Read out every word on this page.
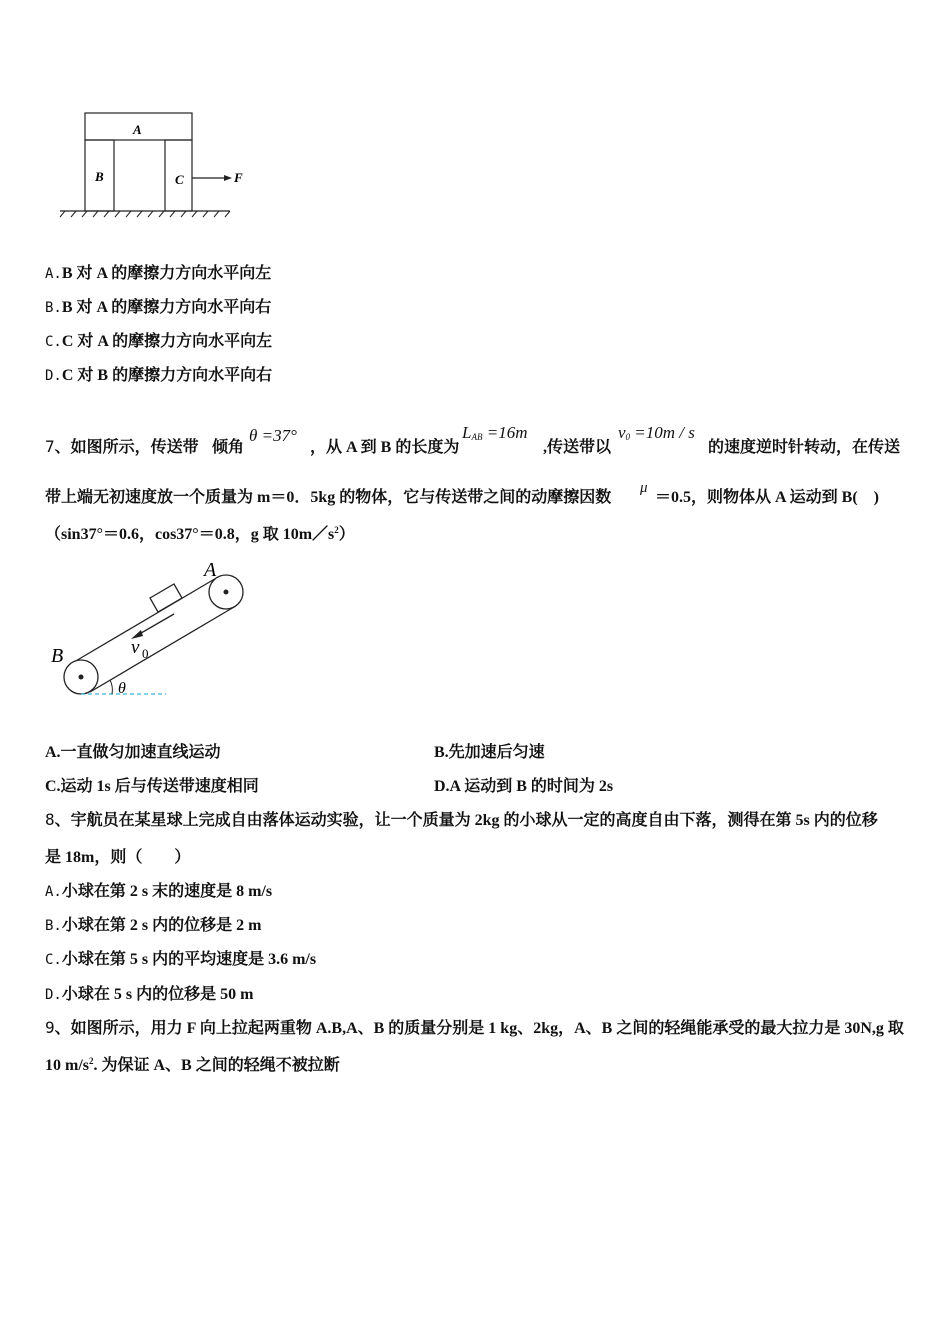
A
B	C	F
A.B 对 A 的摩擦力方向水平向左
B.B 对 A 的摩擦力方向水平向右
C.C 对 A 的摩擦力方向水平向左
D.C 对 B 的摩擦力方向水平向右
7、如图所示，传送带 倾角
θ =37°
，从 A 到 B 的长度为
$L_{AB} =16m$
,传送带以
$v_0 =10m / s$
的速度逆时针转动，在传送
带上端无初速度放一个质量为 m＝0．5kg 的物体，它与传送带之间的动摩擦因数
μ
＝0.5，则物体从 A 运动到 B(　)
（sin37°＝0.6，cos37°＝0.8，g 取 $10m/s^2$）
A
B	v 0
θ
A.一直做匀加速直线运动	B.先加速后匀速
C.运动 1s 后与传送带速度相同	D.A 运动到 B 的时间为 2s
8、宇航员在某星球上完成自由落体运动实验，让一个质量为 2kg 的小球从一定的高度自由下落，测得在第 5s 内的位移
是 18m，则（　　）
A.小球在第 2 s 末的速度是 8 m/s
B.小球在第 2 s 内的位移是 2 m
C.小球在第 5 s 内的平均速度是 3.6 m/s
D.小球在 5 s 内的位移是 50 m
9、如图所示，用力 F 向上拉起两重物 A.B,A、B 的质量分别是 1 kg、2kg，A、B 之间的轻绳能承受的最大拉力是 30N,g 取
10 $m/s^2$. 为保证 A、B 之间的轻绳不被拉断
